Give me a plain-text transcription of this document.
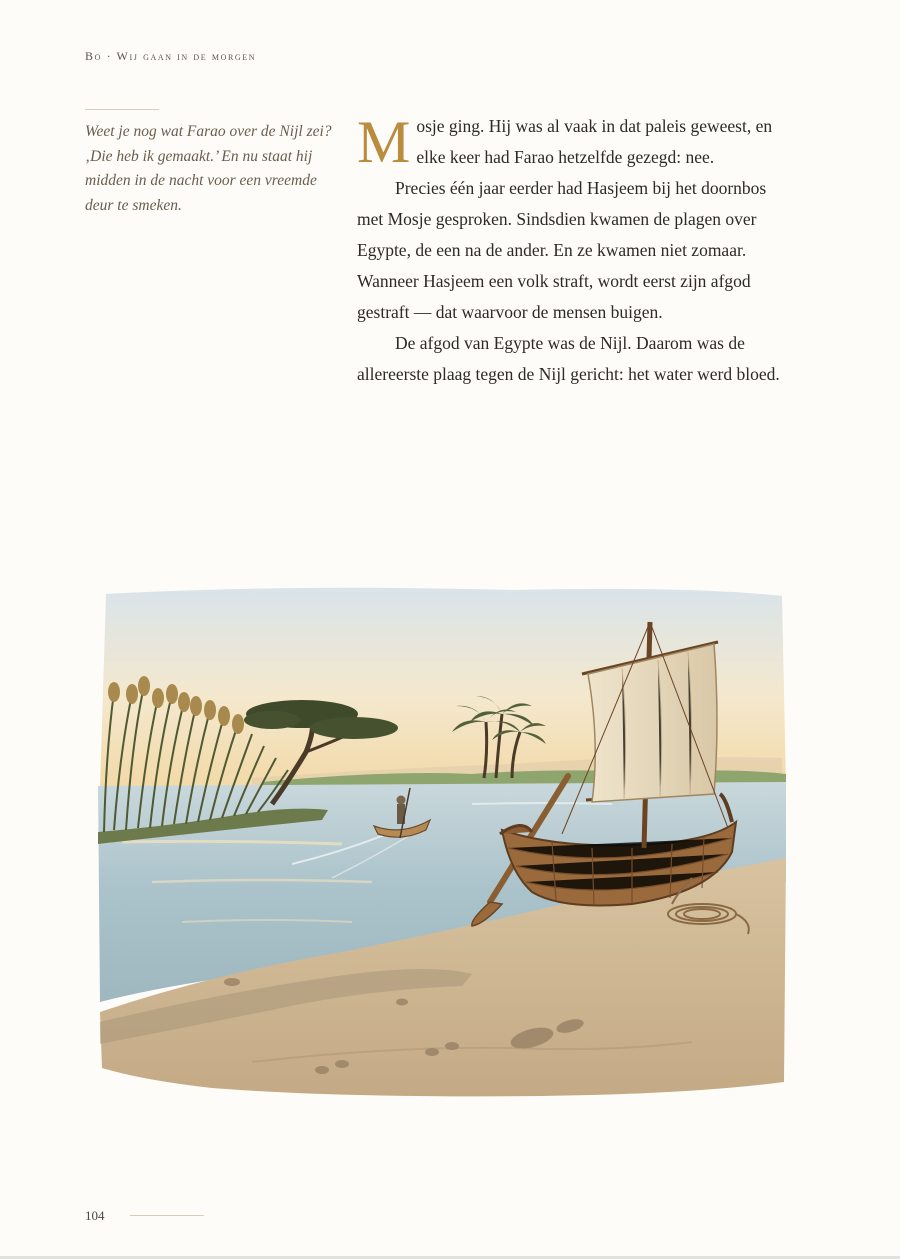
Bo · Wij gaan in de morgen

Weet je nog wat Farao over de Nijl zei? ‚Die heb ik gemaakt.’ En nu staat hij midden in de nacht voor een vreemde deur te smeken.

Mosje ging. Hij was al vaak in dat paleis geweest, en elke keer had Farao hetzelfde gezegd: nee.

Precies één jaar eerder had Hasjeem bij het doornbos met Mosje gesproken. Sindsdien kwamen de plagen over Egypte, de een na de ander. En ze kwamen niet zomaar. Wanneer Hasjeem een volk straft, wordt eerst zijn afgod gestraft — dat waarvoor de mensen buigen.

De afgod van Egypte was de Nijl. Daarom was de allereerste plaag tegen de Nijl gericht: het water werd bloed.

104
